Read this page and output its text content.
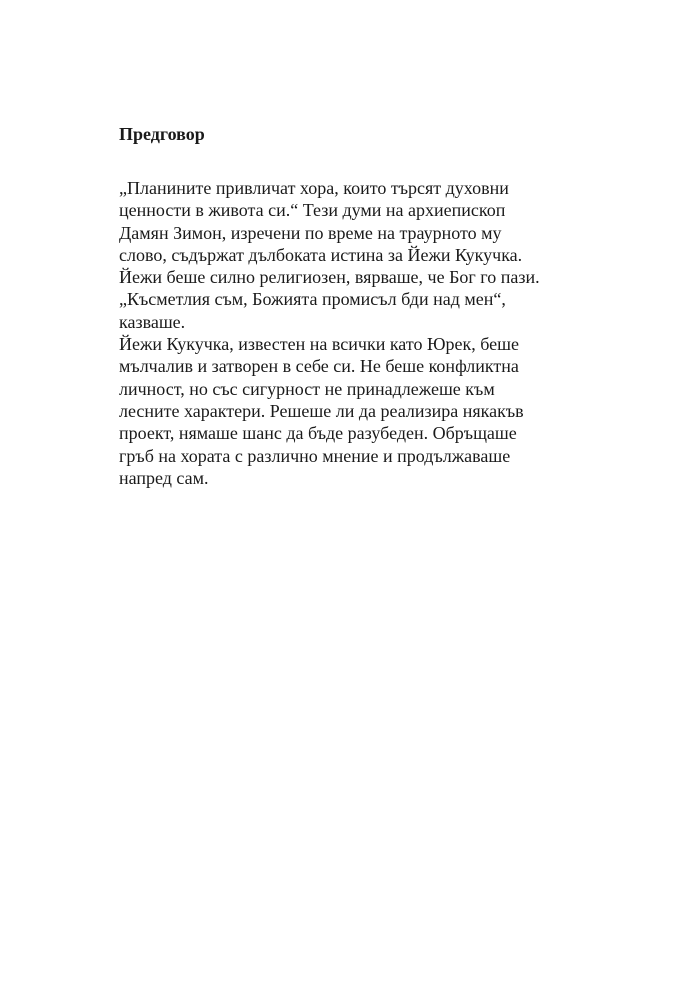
Предговор
„Планините привличат хора, които търсят духовни
ценности в живота си.“ Тези думи на архиепископ
Дамян Зимон, изречени по време на траурното му
слово, съдържат дълбоката истина за Йежи Кукучка.
Йежи беше силно религиозен, вярваше, че Бог го пази.
„Късметлия съм, Божията промисъл бди над мен“,
казваше.
Йежи Кукучка, известен на всички като Юрек, беше
мълчалив и затворен в себе си. Не беше конфликтна
личност, но със сигурност не принадлежеше към
лесните характери. Решеше ли да реализира някакъв
проект, нямаше шанс да бъде разубеден. Обръщаше
гръб на хората с различно мнение и продължаваше
напред сам.
